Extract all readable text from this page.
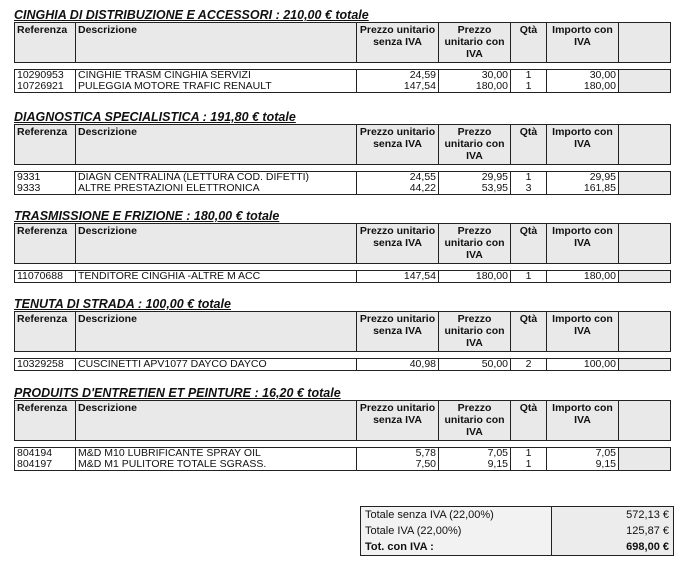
CINGHIA DI DISTRIBUZIONE E ACCESSORI : 210,00 € totale
Referenza	Descrizione	Prezzo unitario senza IVA	Prezzo unitario con IVA	Qtà	Importo con IVA	

10290953	CINGHIE TRASM CINGHIA SERVIZI	24,59	30,00	1	30,00	
10726921	PULEGGIA MOTORE TRAFIC RENAULT	147,54	180,00	1	180,00	
DIAGNOSTICA SPECIALISTICA : 191,80 € totale
Referenza	Descrizione	Prezzo unitario senza IVA	Prezzo unitario con IVA	Qtà	Importo con IVA	

9331	DIAGN CENTRALINA (LETTURA COD. DIFETTI)	24,55	29,95	1	29,95	
9333	ALTRE PRESTAZIONI ELETTRONICA	44,22	53,95	3	161,85	
TRASMISSIONE E FRIZIONE : 180,00 € totale
Referenza	Descrizione	Prezzo unitario senza IVA	Prezzo unitario con IVA	Qtà	Importo con IVA	

11070688	TENDITORE CINGHIA -ALTRE M ACC	147,54	180,00	1	180,00	
TENUTA DI STRADA : 100,00 € totale
Referenza	Descrizione	Prezzo unitario senza IVA	Prezzo unitario con IVA	Qtà	Importo con IVA	

10329258	CUSCINETTI APV1077 DAYCO DAYCO	40,98	50,00	2	100,00	
PRODUITS D'ENTRETIEN ET PEINTURE : 16,20 € totale
Referenza	Descrizione	Prezzo unitario senza IVA	Prezzo unitario con IVA	Qtà	Importo con IVA	

804194	M&D M10 LUBRIFICANTE SPRAY OIL	5,78	7,05	1	7,05	
804197	M&D M1 PULITORE TOTALE SGRASS.	7,50	9,15	1	9,15	
Totale senza IVA (22,00%)	572,13 €
Totale IVA (22,00%)	125,87 €
Tot. con IVA :	698,00 €
